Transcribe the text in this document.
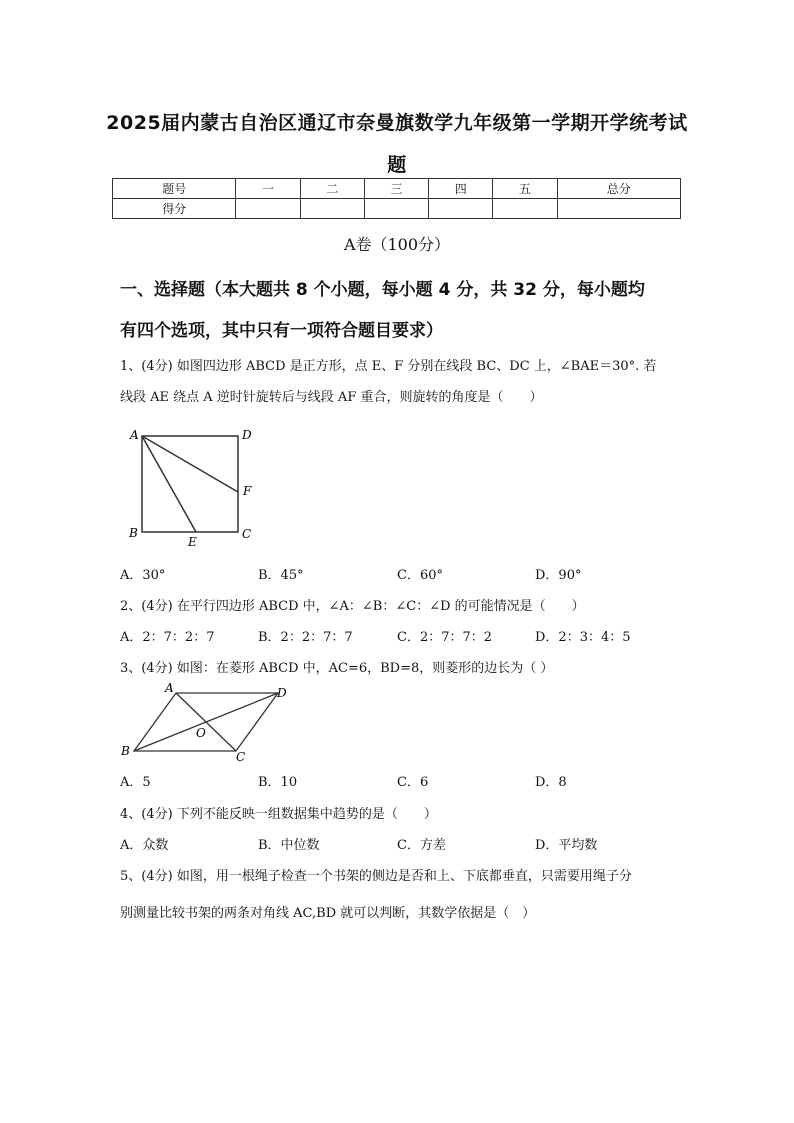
2025届内蒙古自治区通辽市奈曼旗数学九年级第一学期开学统考试
题
题号	一	二	三	四	五	总分
得分						
A卷（100分）
一、选择题（本大题共 8 个小题，每小题 4 分，共 32 分，每小题均
有四个选项，其中只有一项符合题目要求）
1、(4分) 如图四边形 ABCD 是正方形，点 E、F 分别在线段 BC、DC 上，∠BAE＝30°. 若
线段 AE 绕点 A 逆时针旋转后与线段 AF 重合，则旋转的角度是（　　）
A	D
F
B	C
E
A．30°	B．45°	C．60°	D．90°
2、(4分) 在平行四边形 ABCD 中，∠A：∠B：∠C：∠D 的可能情况是（　　）
A．2：7：2：7	B．2：2：7：7	C．2：7：7：2	D．2：3：4：5
3、(4分) 如图：在菱形 ABCD 中，AC=6，BD=8，则菱形的边长为（ ）
A	D
O
B	C
A．5	B．10	C．6	D．8
4、(4分) 下列不能反映一组数据集中趋势的是（　　）
A．众数	B．中位数	C．方差	D．平均数
5、(4分) 如图，用一根绳子检查一个书架的侧边是否和上、下底都垂直，只需要用绳子分
别测量比较书架的两条对角线 AC,BD 就可以判断，其数学依据是（　）
